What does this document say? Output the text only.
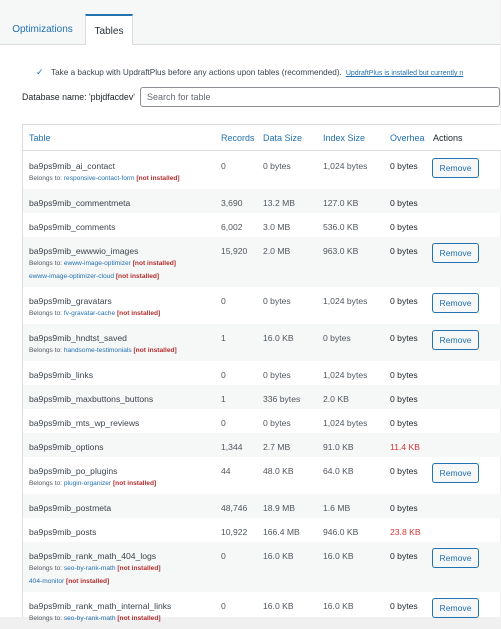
Optimizations	Tables
✓ Take a backup with UpdraftPlus before any actions upon tables (recommended). UpdraftPlus is installed but currently n
Database name: 'pbjdfacdev'
Search for table
Table	Records Data Size Index Size	Overhea Actions
ba9ps9mib_ai_contact	0	0 bytes	1,024 bytes	0 bytes
Belongs to: responsive-contact-form [not installed]
Remove
ba9ps9mib_commentmeta	3,690	13.2 MB	127.0 KB	0 bytes
ba9ps9mib_comments	6,002	3.0 MB	536.0 KB	0 bytes
ba9ps9mib_ewwwio_images	15,920	2.0 MB	963.0 KB	0 bytes
Belongs to: ewww-image-optimizer [not installed]
ewww-image-optimizer-cloud [not installed]
Remove
ba9ps9mib_gravatars	0	0 bytes	1,024 bytes	0 bytes
Belongs to: fv-gravatar-cache [not installed]
Remove
ba9ps9mib_hndtst_saved	1	16.0 KB	0 bytes	0 bytes
Belongs to: handsome-testimonials [not installed]
Remove
ba9ps9mib_links	0	0 bytes	1,024 bytes	0 bytes
ba9ps9mib_maxbuttons_buttons	1	336 bytes	2.0 KB	0 bytes
ba9ps9mib_mts_wp_reviews	0	0 bytes	1,024 bytes	0 bytes
ba9ps9mib_options	1,344	2.7 MB	91.0 KB	11.4 KB
ba9ps9mib_po_plugins	44	48.0 KB	64.0 KB	0 bytes
Belongs to: plugin-organizer [not installed]
Remove
ba9ps9mib_postmeta	48,746	18.9 MB	1.6 MB	0 bytes
ba9ps9mib_posts	10,922	166.4 MB	946.0 KB	23.8 KB
ba9ps9mib_rank_math_404_logs	0	16.0 KB	16.0 KB	0 bytes
Belongs to: seo-by-rank-math [not installed]
404-monitor [not installed]
Remove
ba9ps9mib_rank_math_internal_links	0	16.0 KB	16.0 KB	0 bytes
Belongs to: seo-by-rank-math [not installed]
Remove
